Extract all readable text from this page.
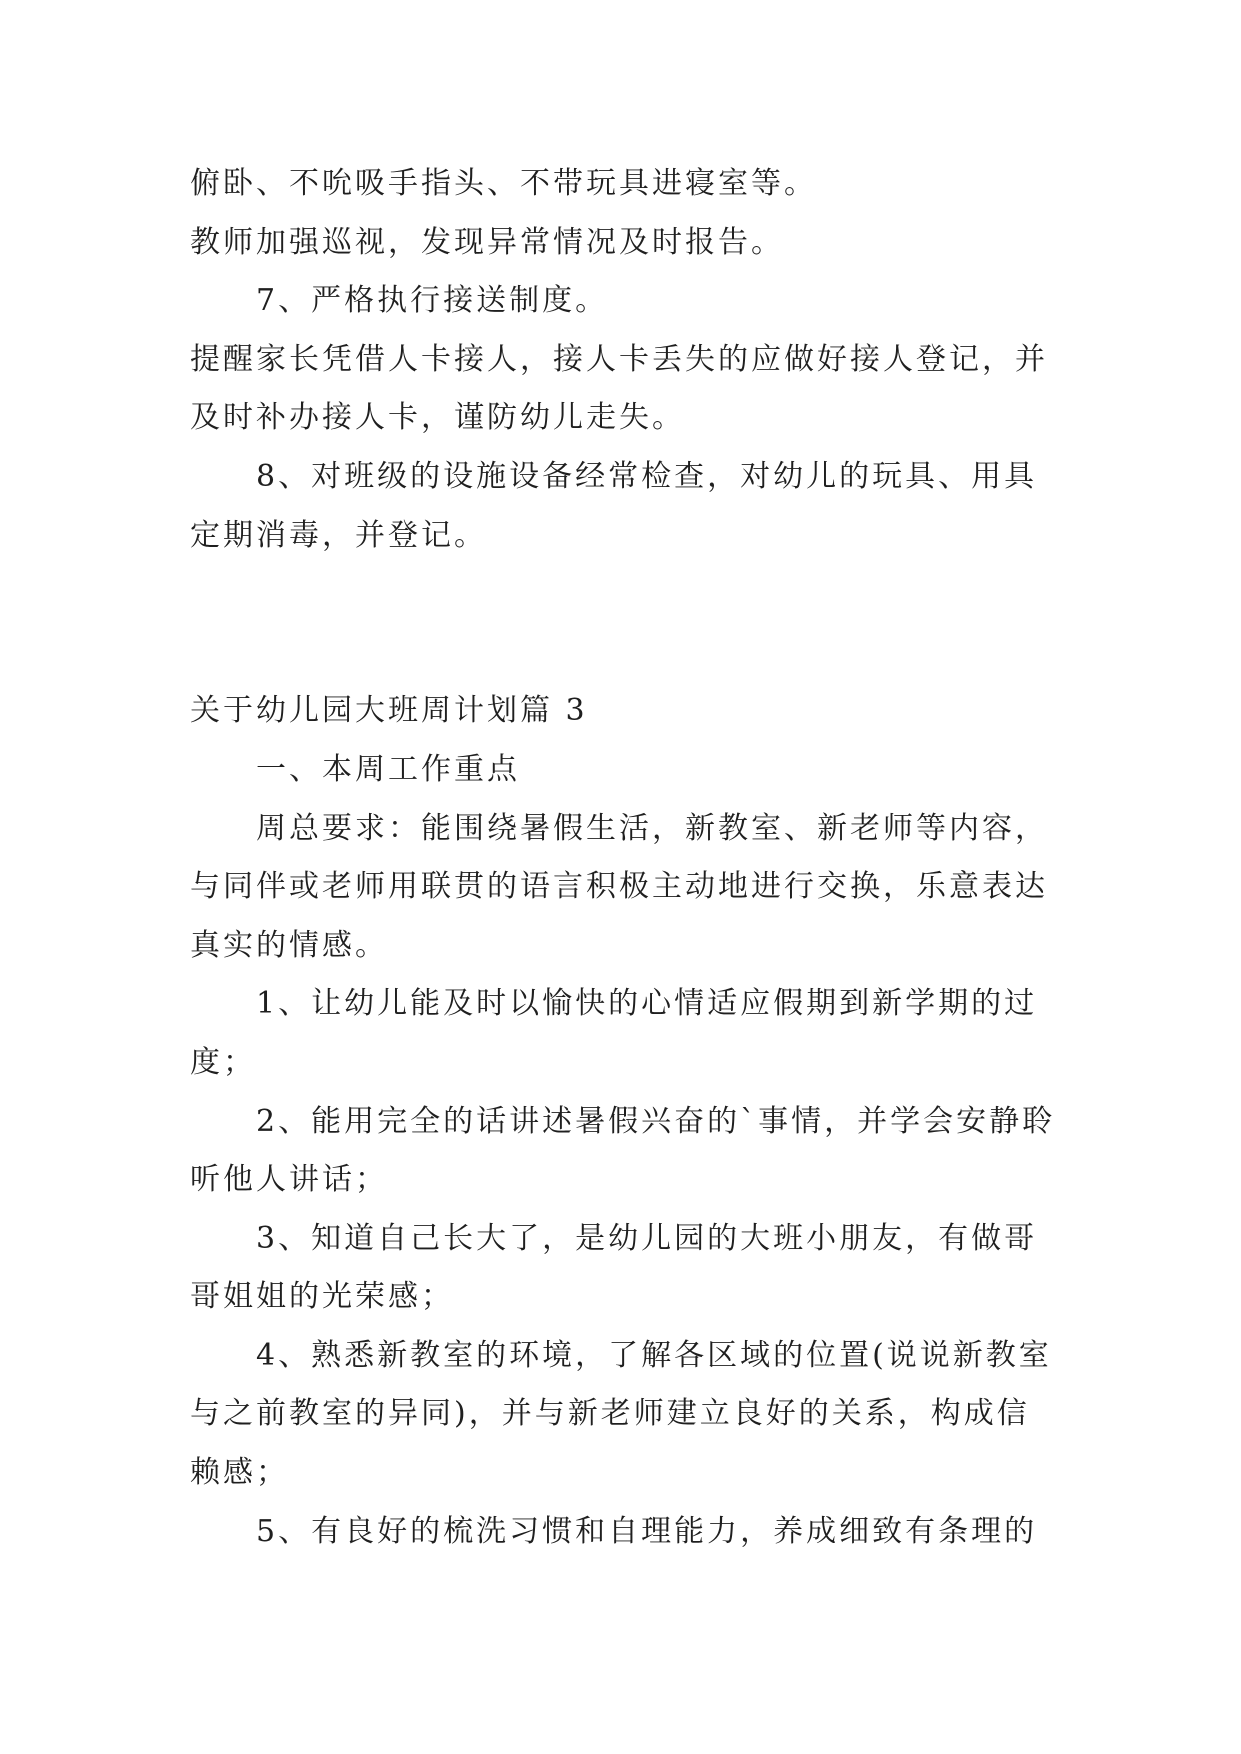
俯卧、不吮吸手指头、不带玩具进寝室等。
教师加强巡视，发现异常情况及时报告。
7、严格执行接送制度。
提醒家长凭借人卡接人，接人卡丢失的应做好接人登记，并
及时补办接人卡，谨防幼儿走失。
8、对班级的设施设备经常检查，对幼儿的玩具、用具
定期消毒，并登记。
关于幼儿园大班周计划篇 3
一、本周工作重点
周总要求：能围绕暑假生活，新教室、新老师等内容，
与同伴或老师用联贯的语言积极主动地进行交换，乐意表达
真实的情感。
1、让幼儿能及时以愉快的心情适应假期到新学期的过
度；
2、能用完全的话讲述暑假兴奋的`事情，并学会安静聆
听他人讲话；
3、知道自己长大了，是幼儿园的大班小朋友，有做哥
哥姐姐的光荣感；
4、熟悉新教室的环境，了解各区域的位置(说说新教室
与之前教室的异同)，并与新老师建立良好的关系，构成信
赖感；
5、有良好的梳洗习惯和自理能力，养成细致有条理的
